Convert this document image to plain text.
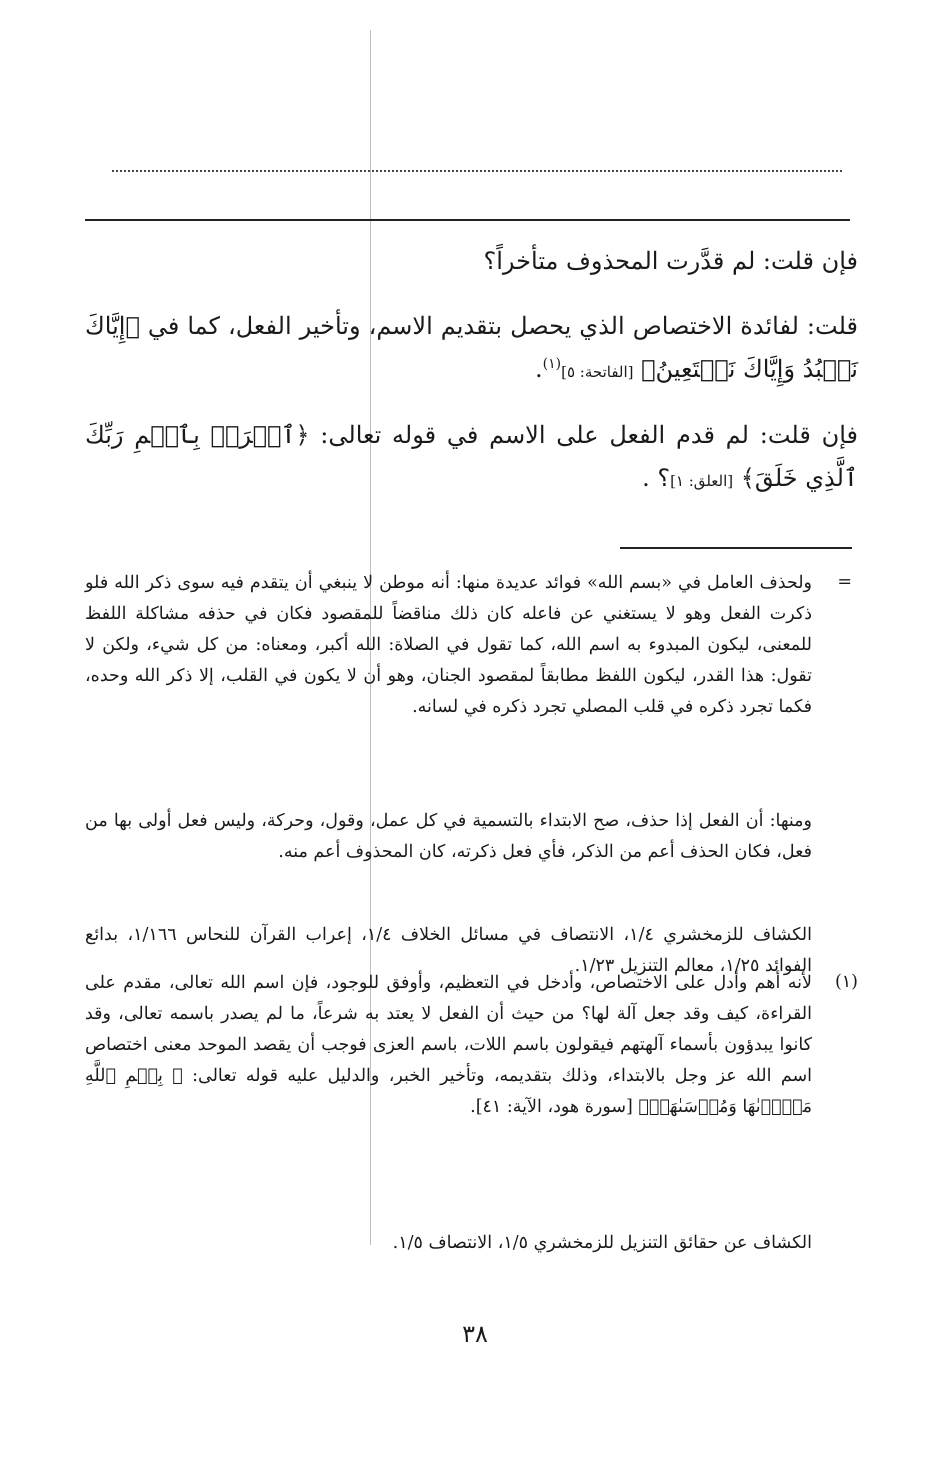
فإن قلت: لم قدَّرت المحذوف متأخراً؟

قلت: لفائدة الاختصاص الذي يحصل بتقديم الاسم، وتأخير الفعل، كما في ﴿إِيَّاكَ نَعۡبُدُ وَإِيَّاكَ نَسۡتَعِينُ﴾ [الفاتحة: ٥]$^{(١)}$.

فإن قلت: لم قدم الفعل على الاسم في قوله تعالى: ﴿ٱقۡرَأۡ بِٱسۡمِ رَبِّكَ ٱلَّذِي خَلَقَ﴾ [العلق: ١]؟ .

=

ولحذف العامل في «بسم الله» فوائد عديدة منها: أنه موطن لا ينبغي أن يتقدم فيه سوى ذكر الله فلو ذكرت الفعل وهو لا يستغني عن فاعله كان ذلك مناقضاً للمقصود فكان في حذفه مشاكلة اللفظ للمعنى، ليكون المبدوء به اسم الله، كما تقول في الصلاة: الله أكبر، ومعناه: من كل شيء، ولكن لا تقول: هذا القدر، ليكون اللفظ مطابقاً لمقصود الجنان، وهو أن لا يكون في القلب، إلا ذكر الله وحده، فكما تجرد ذكره في قلب المصلي تجرد ذكره في لسانه.

ومنها: أن الفعل إذا حذف، صح الابتداء بالتسمية في كل عمل، وقول، وحركة، وليس فعل أولى بها من فعل، فكان الحذف أعم من الذكر، فأي فعل ذكرته، كان المحذوف أعم منه.

الكشاف للزمخشري ١/٤، الانتصاف في مسائل الخلاف ١/٤، إعراب القرآن للنحاس ١/١٦٦، بدائع الفوائد ١/٢٥، معالم التنزيل ١/٢٣.

(١)

لأنه أهم وأدل على الاختصاص، وأدخل في التعظيم، وأوفق للوجود، فإن اسم الله تعالى، مقدم على القراءة، كيف وقد جعل آلة لها؟ من حيث أن الفعل لا يعتد به شرعاً، ما لم يصدر باسمه تعالى، وقد كانوا يبدؤون بأسماء آلهتهم فيقولون باسم اللات، باسم العزى فوجب أن يقصد الموحد معنى اختصاص اسم الله عز وجل بالابتداء، وذلك بتقديمه، وتأخير الخبر، والدليل عليه قوله تعالى: ﴿ بِسۡمِ ٱللَّهِ مَجۡرٜىٰهَا وَمُرۡسَىٰهَآۚ﴾ [سورة هود، الآية: ٤١].

الكشاف عن حقائق التنزيل للزمخشري ١/٥، الانتصاف ١/٥.

٣٨
